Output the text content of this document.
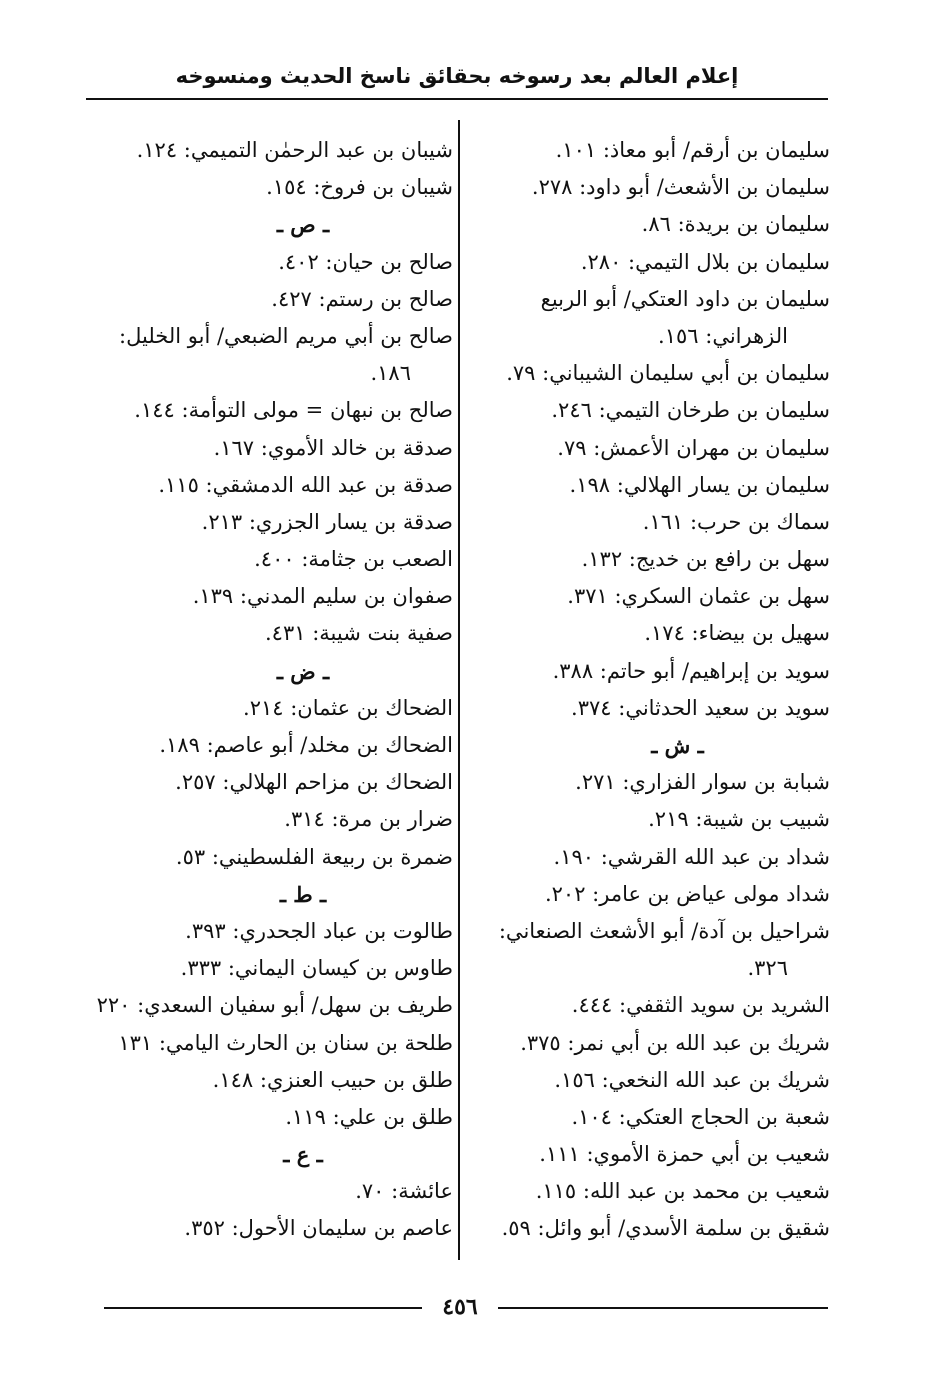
إعلام العالم بعد رسوخه بحقائق ناسخ الحديث ومنسوخه
سليمان بن أرقم/ أبو معاذ: ١٠١.
سليمان بن الأشعث/ أبو داود: ٢٧٨.
سليمان بن بريدة: ٨٦.
سليمان بن بلال التيمي: ٢٨٠.
سليمان بن داود العتكي/ أبو الربيع
الزهراني: ١٥٦.
سليمان بن أبي سليمان الشيباني: ٧٩.
سليمان بن طرخان التيمي: ٢٤٦.
سليمان بن مهران الأعمش: ٧٩.
سليمان بن يسار الهلالي: ١٩٨.
سماك بن حرب: ١٦١.
سهل بن رافع بن خديج: ١٣٢.
سهل بن عثمان السكري: ٣٧١.
سهيل بن بيضاء: ١٧٤.
سويد بن إبراهيم/ أبو حاتم: ٣٨٨.
سويد بن سعيد الحدثاني: ٣٧٤.
ـ ش ـ
شبابة بن سوار الفزاري: ٢٧١.
شبيب بن شيبة: ٢١٩.
شداد بن عبد الله القرشي: ١٩٠.
شداد مولى عياض بن عامر: ٢٠٢.
شراحيل بن آدة/ أبو الأشعث الصنعاني:
٣٢٦.
الشريد بن سويد الثقفي: ٤٤٤.
شريك بن عبد الله بن أبي نمر: ٣٧٥.
شريك بن عبد الله النخعي: ١٥٦.
شعبة بن الحجاج العتكي: ١٠٤.
شعيب بن أبي حمزة الأموي: ١١١.
شعيب بن محمد بن عبد الله: ١١٥.
شقيق بن سلمة الأسدي/ أبو وائل: ٥٩.
شيبان بن عبد الرحمٰن التميمي: ١٢٤.
شيبان بن فروخ: ١٥٤.
ـ ص ـ
صالح بن حيان: ٤٠٢.
صالح بن رستم: ٤٢٧.
صالح بن أبي مريم الضبعي/ أبو الخليل:
١٨٦.
صالح بن نبهان = مولى التوأمة: ١٤٤.
صدقة بن خالد الأموي: ١٦٧.
صدقة بن عبد الله الدمشقي: ١١٥.
صدقة بن يسار الجزري: ٢١٣.
الصعب بن جثامة: ٤٠٠.
صفوان بن سليم المدني: ١٣٩.
صفية بنت شيبة: ٤٣١.
ـ ض ـ
الضحاك بن عثمان: ٢١٤.
الضحاك بن مخلد/ أبو عاصم: ١٨٩.
الضحاك بن مزاحم الهلالي: ٢٥٧.
ضرار بن مرة: ٣١٤.
ضمرة بن ربيعة الفلسطيني: ٥٣.
ـ ط ـ
طالوت بن عباد الجحدري: ٣٩٣.
طاوس بن كيسان اليماني: ٣٣٣.
طريف بن سهل/ أبو سفيان السعدي: ٢٢٠
طلحة بن سنان بن الحارث اليامي: ١٣١
طلق بن حبيب العنزي: ١٤٨.
طلق بن علي: ١١٩.
ـ ع ـ
عائشة: ٧٠.
عاصم بن سليمان الأحول: ٣٥٢.
٤٥٦
